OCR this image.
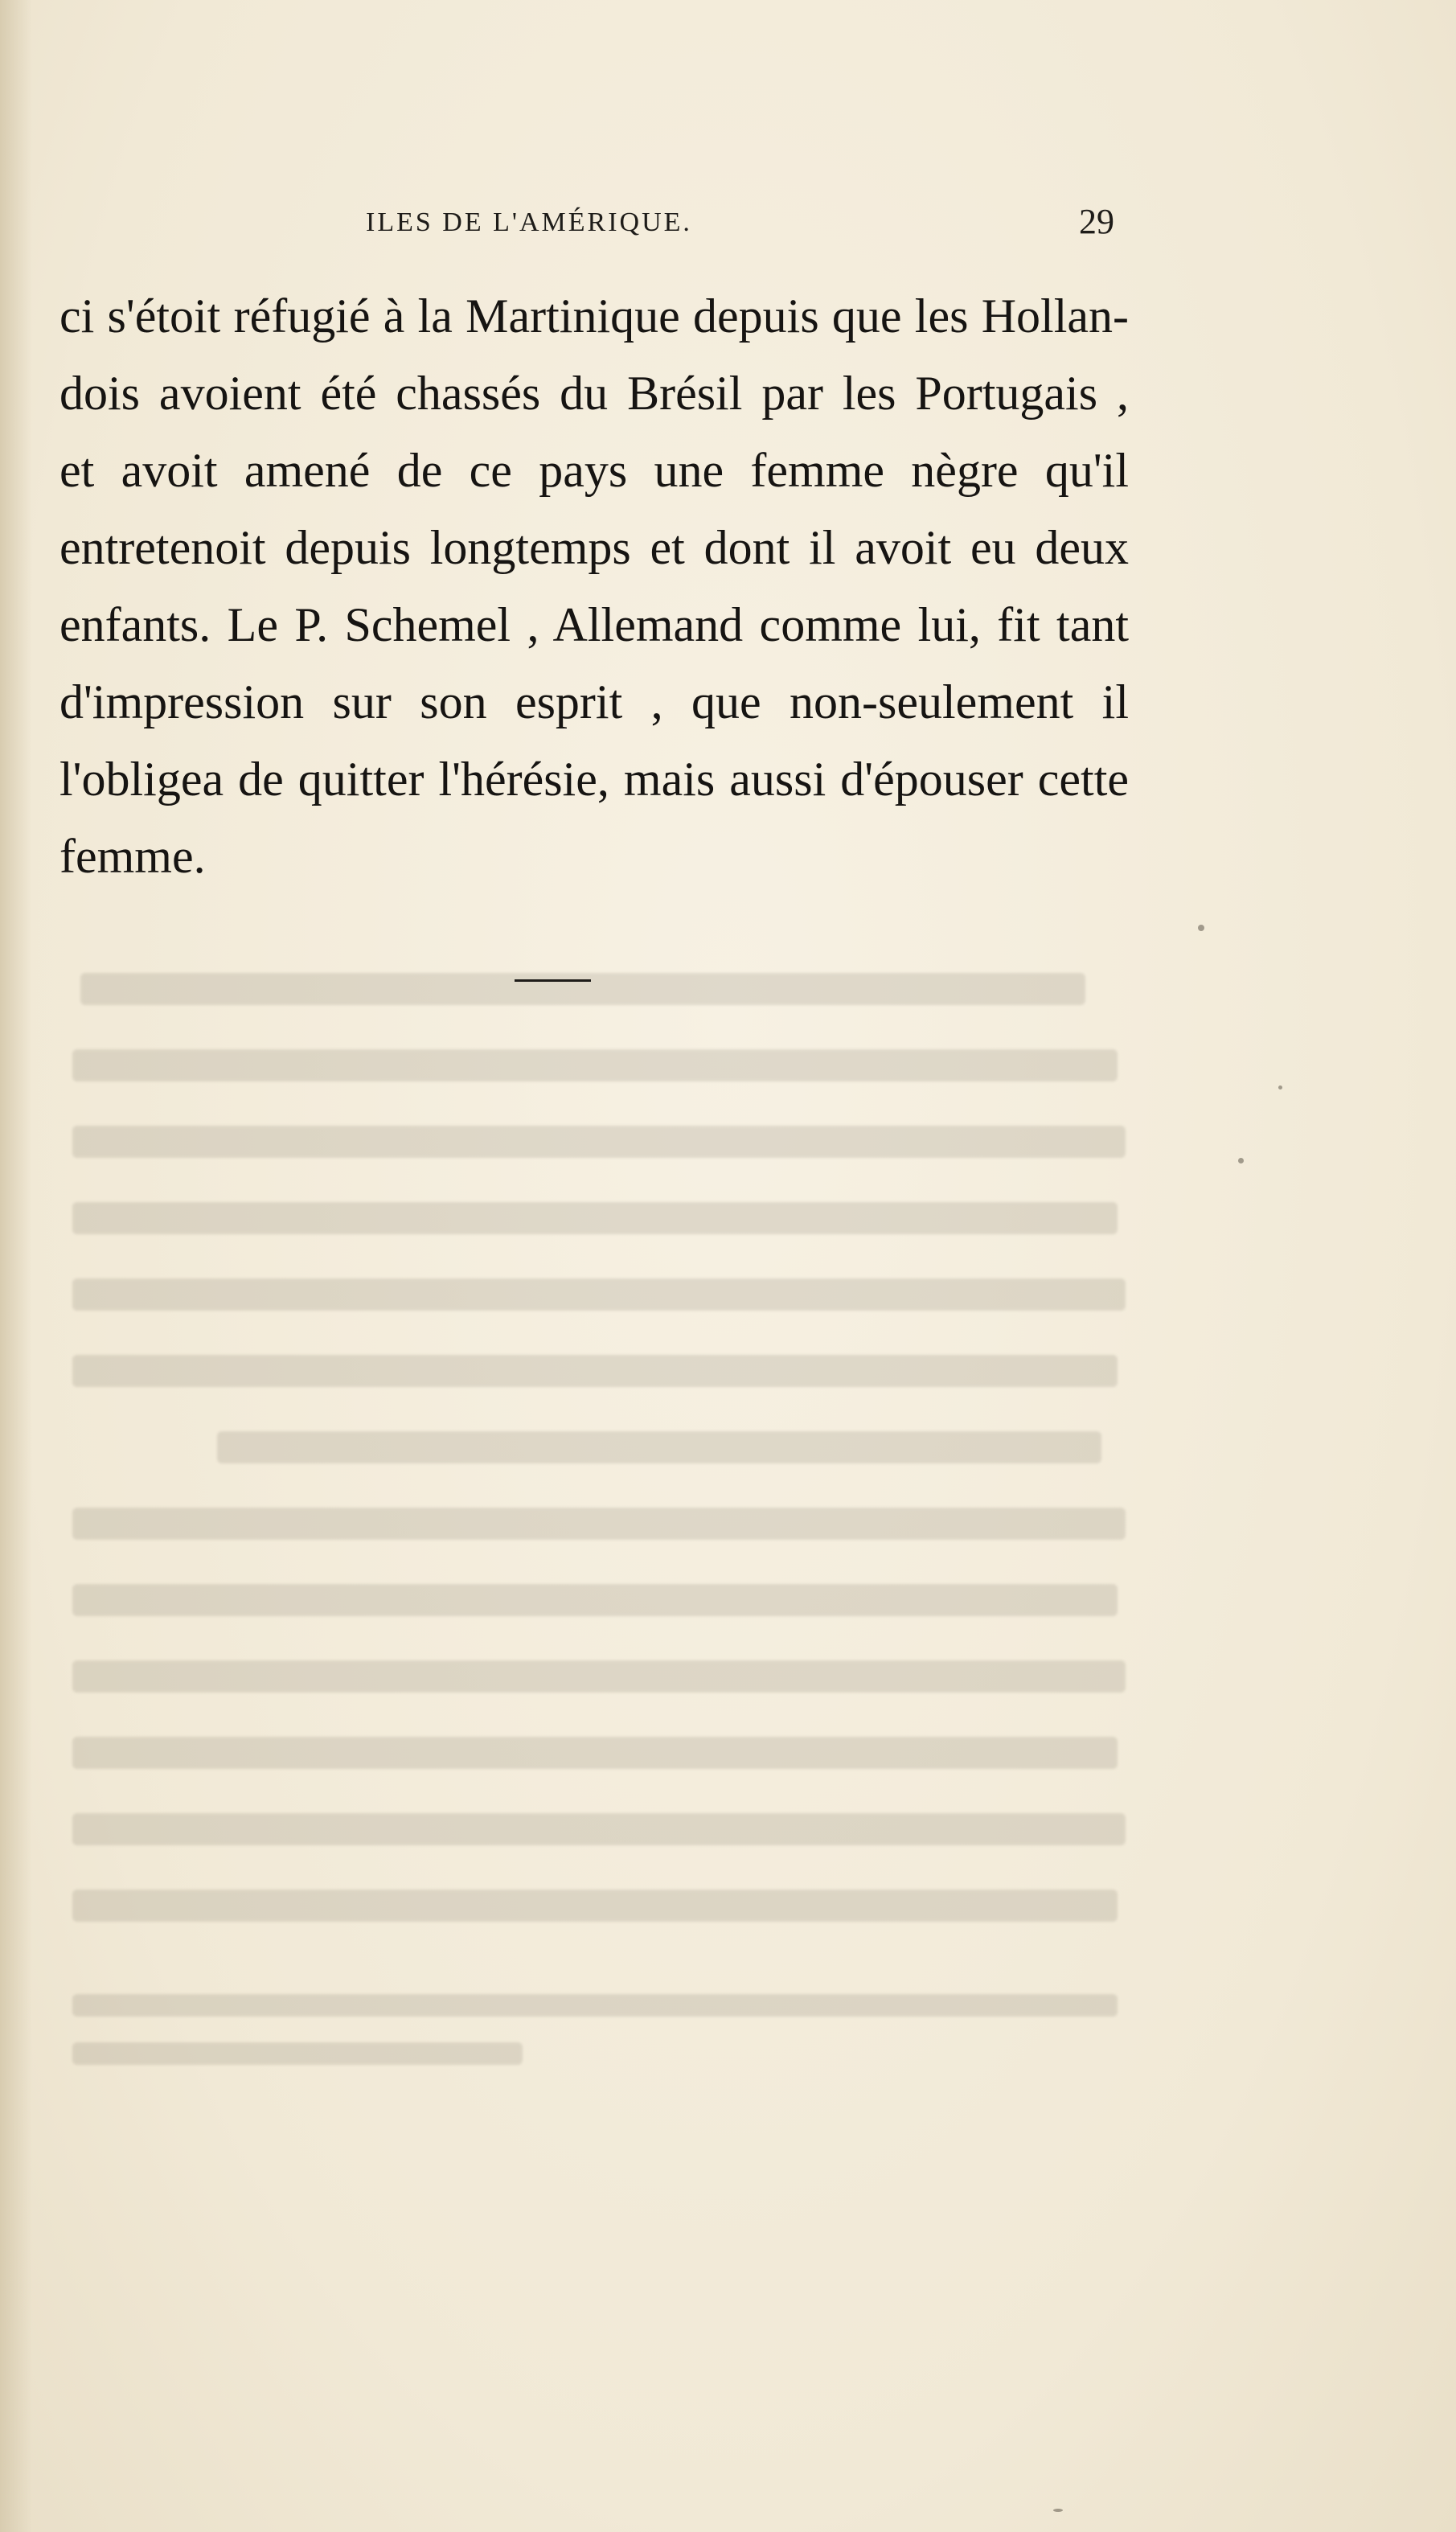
ILES DE L'AMÉRIQUE.	29
ci s'étoit réfugié à la Martinique depuis que les Hollan-
dois avoient été chassés du Brésil par les Portugais ,
et avoit amené de ce pays une femme nègre qu'il
entretenoit depuis longtemps et dont il avoit eu deux
enfants. Le P. Schemel , Allemand comme lui, fit tant
d'impression sur son esprit , que non-seulement il
l'obligea de quitter l'hérésie, mais aussi d'épouser cette
femme.
